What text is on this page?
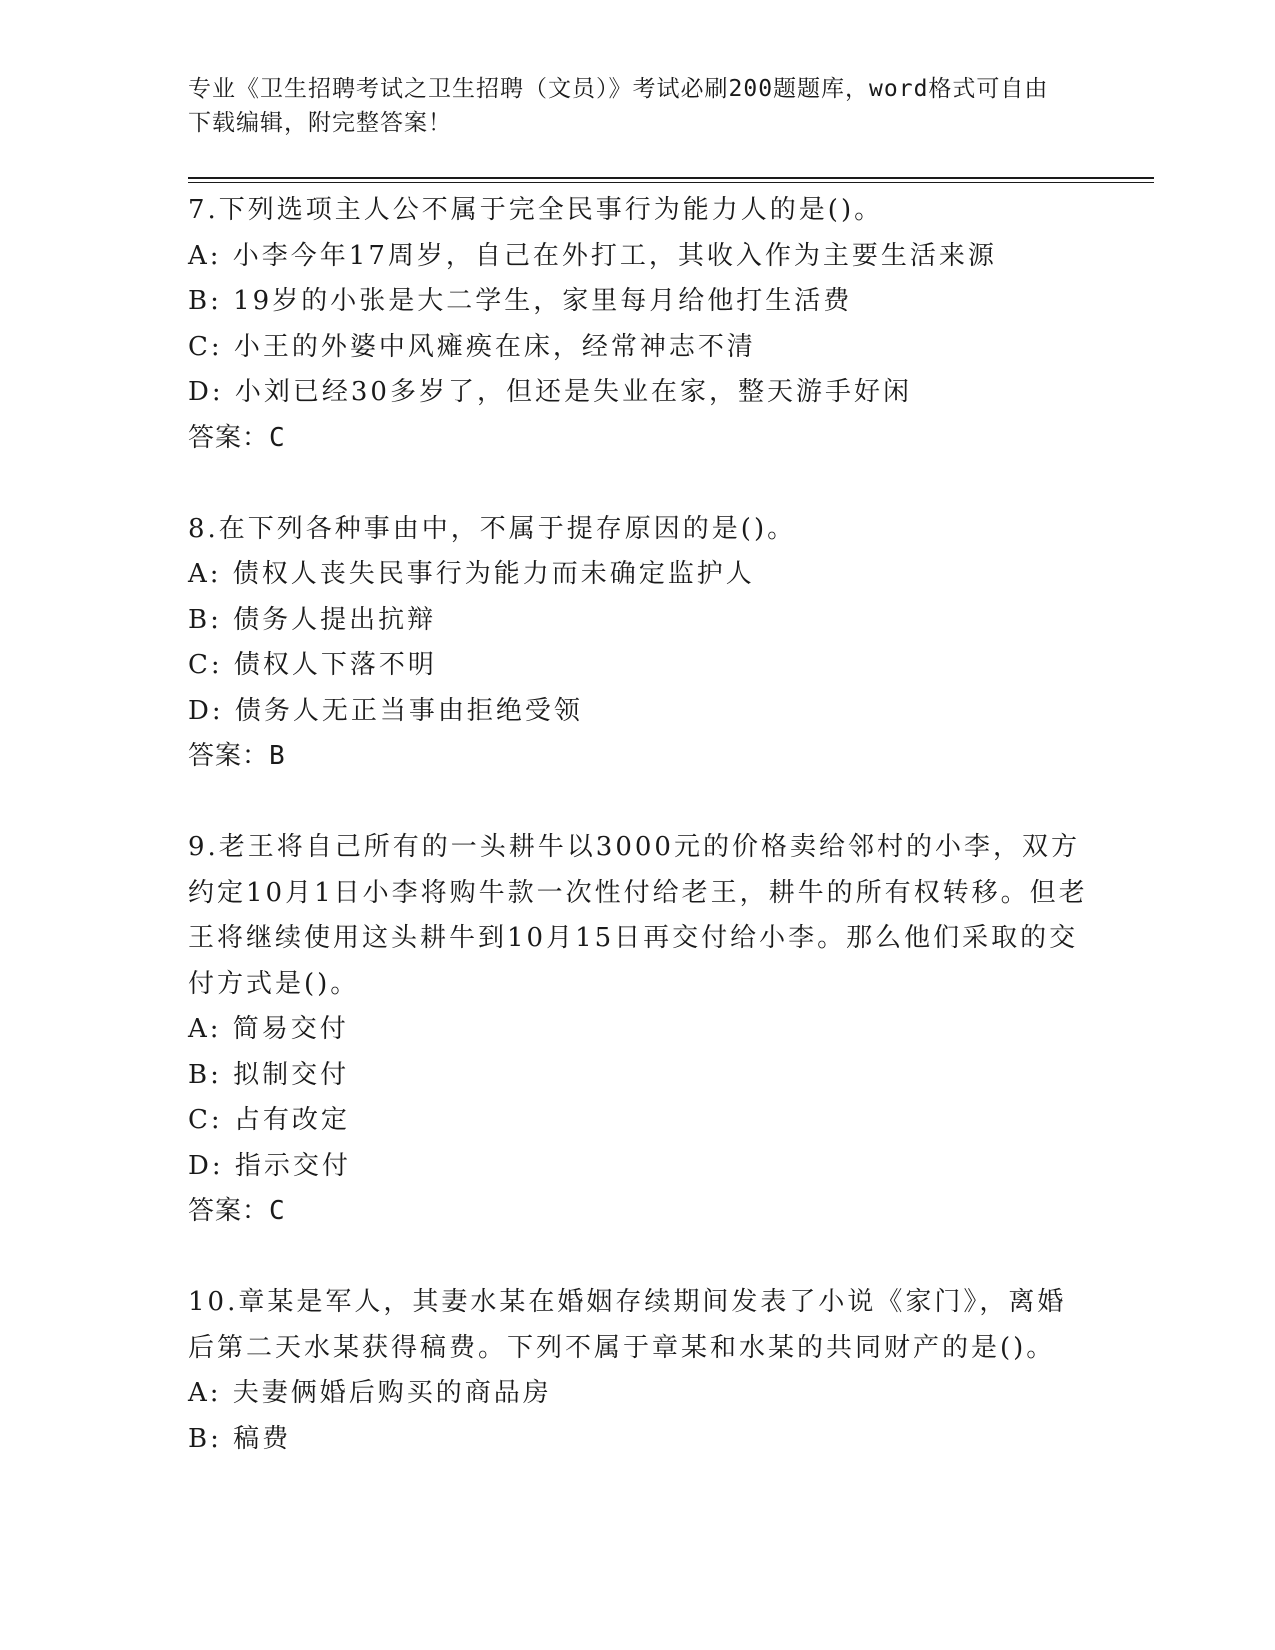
专业《卫生招聘考试之卫生招聘（文员）》考试必刷200题题库，word格式可自由下载编辑，附完整答案！

7.下列选项主人公不属于完全民事行为能力人的是()。

A: 小李今年17周岁，自己在外打工，其收入作为主要生活来源

B: 19岁的小张是大二学生，家里每月给他打生活费

C: 小王的外婆中风瘫痪在床，经常神志不清

D: 小刘已经30多岁了，但还是失业在家，整天游手好闲

答案：C

8.在下列各种事由中，不属于提存原因的是()。

A: 债权人丧失民事行为能力而未确定监护人

B: 债务人提出抗辩

C: 债权人下落不明

D: 债务人无正当事由拒绝受领

答案：B

9.老王将自己所有的一头耕牛以3000元的价格卖给邻村的小李，双方约定10月1日小李将购牛款一次性付给老王，耕牛的所有权转移。但老王将继续使用这头耕牛到10月15日再交付给小李。那么他们采取的交付方式是()。

A: 简易交付

B: 拟制交付

C: 占有改定

D: 指示交付

答案：C

10.章某是军人，其妻水某在婚姻存续期间发表了小说《家门》，离婚后第二天水某获得稿费。下列不属于章某和水某的共同财产的是()。

A: 夫妻俩婚后购买的商品房

B: 稿费
